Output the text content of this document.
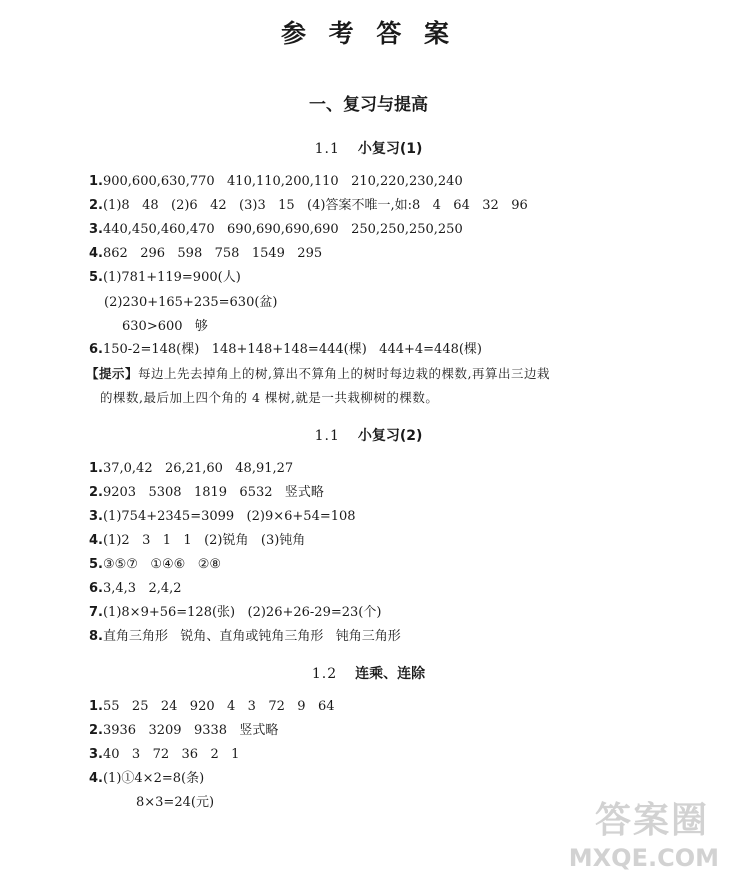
参 考 答 案
一、复习与提高
1.1 小复习(1)
1.900,600,630,770   410,110,200,110   210,220,230,240
2.(1)8   48   (2)6   42   (3)3   15   (4)答案不唯一,如:8   4   64   32   96
3.440,450,460,470   690,690,690,690   250,250,250,250
4.862   296   598   758   1549   295
5.(1)781+119=900(人)
(2)230+165+235=630(盆)
630>600   够
6.150-2=148(棵)   148+148+148=444(棵)   444+4=448(棵)
【提示】每边上先去掉角上的树,算出不算角上的树时每边栽的棵数,再算出三边栽
的棵数,最后加上四个角的 4 棵树,就是一共栽柳树的棵数。
1.1 小复习(2)
1.37,0,42   26,21,60   48,91,27
2.9203   5308   1819   6532   竖式略
3.(1)754+2345=3099   (2)9×6+54=108
4.(1)2   3   1   1   (2)锐角   (3)钝角
5.③⑤⑦   ①④⑥   ②⑧
6.3,4,3   2,4,2
7.(1)8×9+56=128(张)   (2)26+26-29=23(个)
8.直角三角形   锐角、直角或钝角三角形   钝角三角形
1.2 连乘、连除
1.55   25   24   920   4   3   72   9   64
2.3936   3209   9338   竖式略
3.40   3   72   36   2   1
4.(1)①4×2=8(条)
8×3=24(元)	答案圈
MXQE.COM
